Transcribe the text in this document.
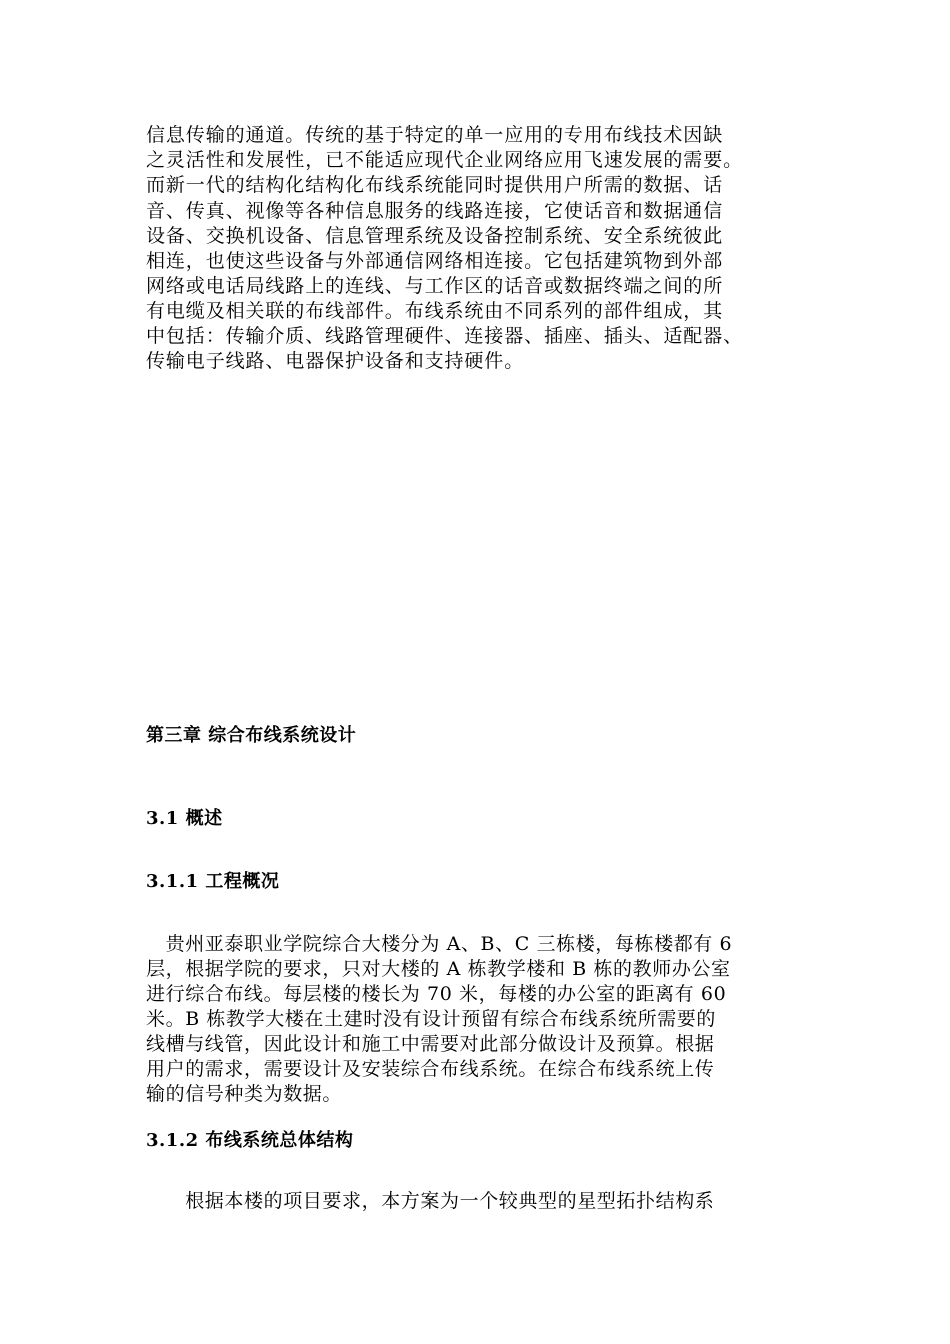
信息传输的通道。传统的基于特定的单一应用的专用布线技术因缺
之灵活性和发展性，已不能适应现代企业网络应用飞速发展的需要。
而新一代的结构化结构化布线系统能同时提供用户所需的数据、话
音、传真、视像等各种信息服务的线路连接，它使话音和数据通信
设备、交换机设备、信息管理系统及设备控制系统、安全系统彼此
相连，也使这些设备与外部通信网络相连接。它包括建筑物到外部
网络或电话局线路上的连线、与工作区的话音或数据终端之间的所
有电缆及相关联的布线部件。布线系统由不同系列的部件组成，其
中包括：传输介质、线路管理硬件、连接器、插座、插头、适配器、
传输电子线路、电器保护设备和支持硬件。
第三章 综合布线系统设计
3.1 概述
3.1.1 工程概况
　贵州亚泰职业学院综合大楼分为 A、B、C 三栋楼，每栋楼都有 6
层，根据学院的要求，只对大楼的 A 栋教学楼和 B 栋的教师办公室
进行综合布线。每层楼的楼长为 70 米，每楼的办公室的距离有 60
米。B 栋教学大楼在土建时没有设计预留有综合布线系统所需要的
线槽与线管，因此设计和施工中需要对此部分做设计及预算。根据
用户的需求，需要设计及安装综合布线系统。在综合布线系统上传
输的信号种类为数据。
3.1.2 布线系统总体结构
　　根据本楼的项目要求，本方案为一个较典型的星型拓扑结构系
